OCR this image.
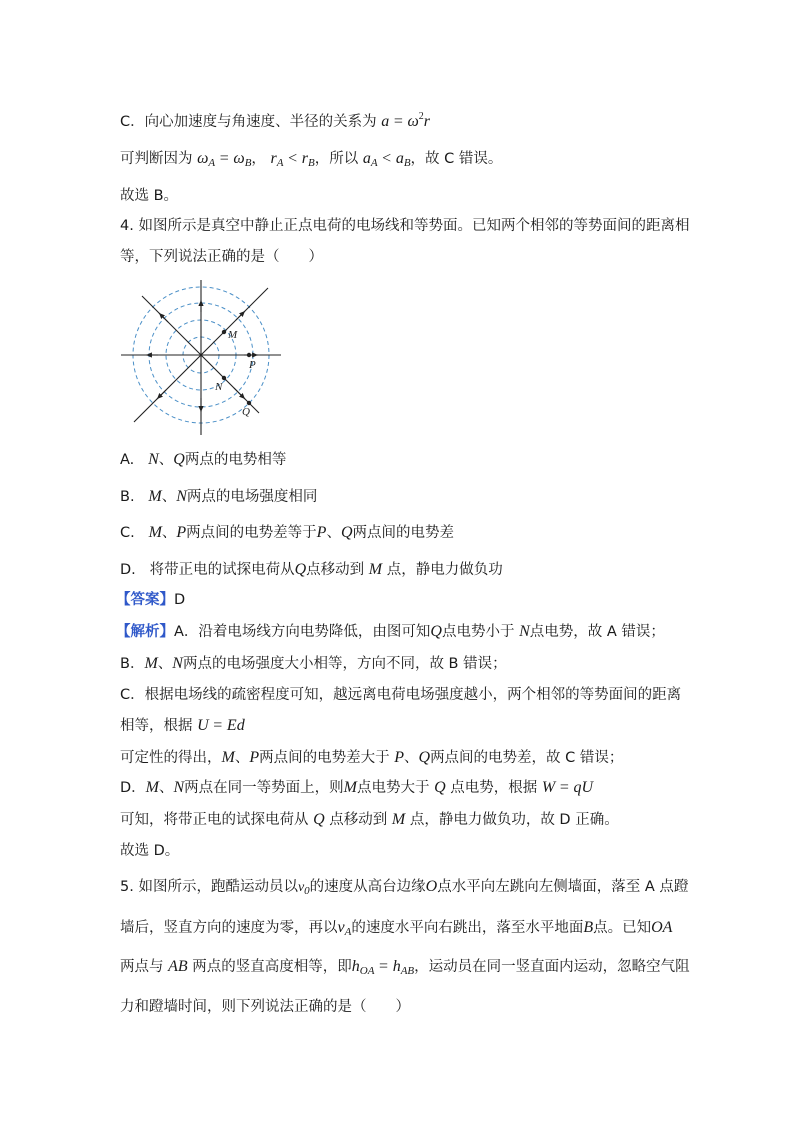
C．向心加速度与角速度、半径的关系为 $a = \omega^2r$
可判断因为 $\omega_A = \omega_B$， $r_A < r_B$，所以 $a_A < a_B$，故 C 错误。
故选 B。
4. 如图所示是真空中静止正点电荷的电场线和等势面。已知两个相邻的等势面间的距离相
等，下列说法正确的是（　　）
M
P
N
Q
A. N、Q两点的电势相等
B. M、N两点的电场强度相同
C. M、P两点间的电势差等于P、Q两点间的电势差
D. 将带正电的试探电荷从Q点移动到 M 点，静电力做负功
【答案】D
【解析】A．沿着电场线方向电势降低，由图可知Q点电势小于 N点电势，故 A 错误；
B．M、N两点的电场强度大小相等，方向不同，故 B 错误；
C．根据电场线的疏密程度可知，越远离电荷电场强度越小，两个相邻的等势面间的距离
相等，根据 U = Ed
可定性的得出，M、P两点间的电势差大于 P、Q两点间的电势差，故 C 错误；
D．M、N两点在同一等势面上，则M点电势大于 Q 点电势，根据 W = qU
可知，将带正电的试探电荷从 Q 点移动到 M 点，静电力做负功，故 D 正确。
故选 D。
5. 如图所示，跑酷运动员以$v_0$的速度从高台边缘O点水平向左跳向左侧墙面，落至 A 点蹬
墙后，竖直方向的速度为零，再以$v_A$的速度水平向右跳出，落至水平地面B点。已知OA
两点与 AB 两点的竖直高度相等，即$h_{OA} = h_{AB}$，运动员在同一竖直面内运动，忽略空气阻
力和蹬墙时间，则下列说法正确的是（　　）
